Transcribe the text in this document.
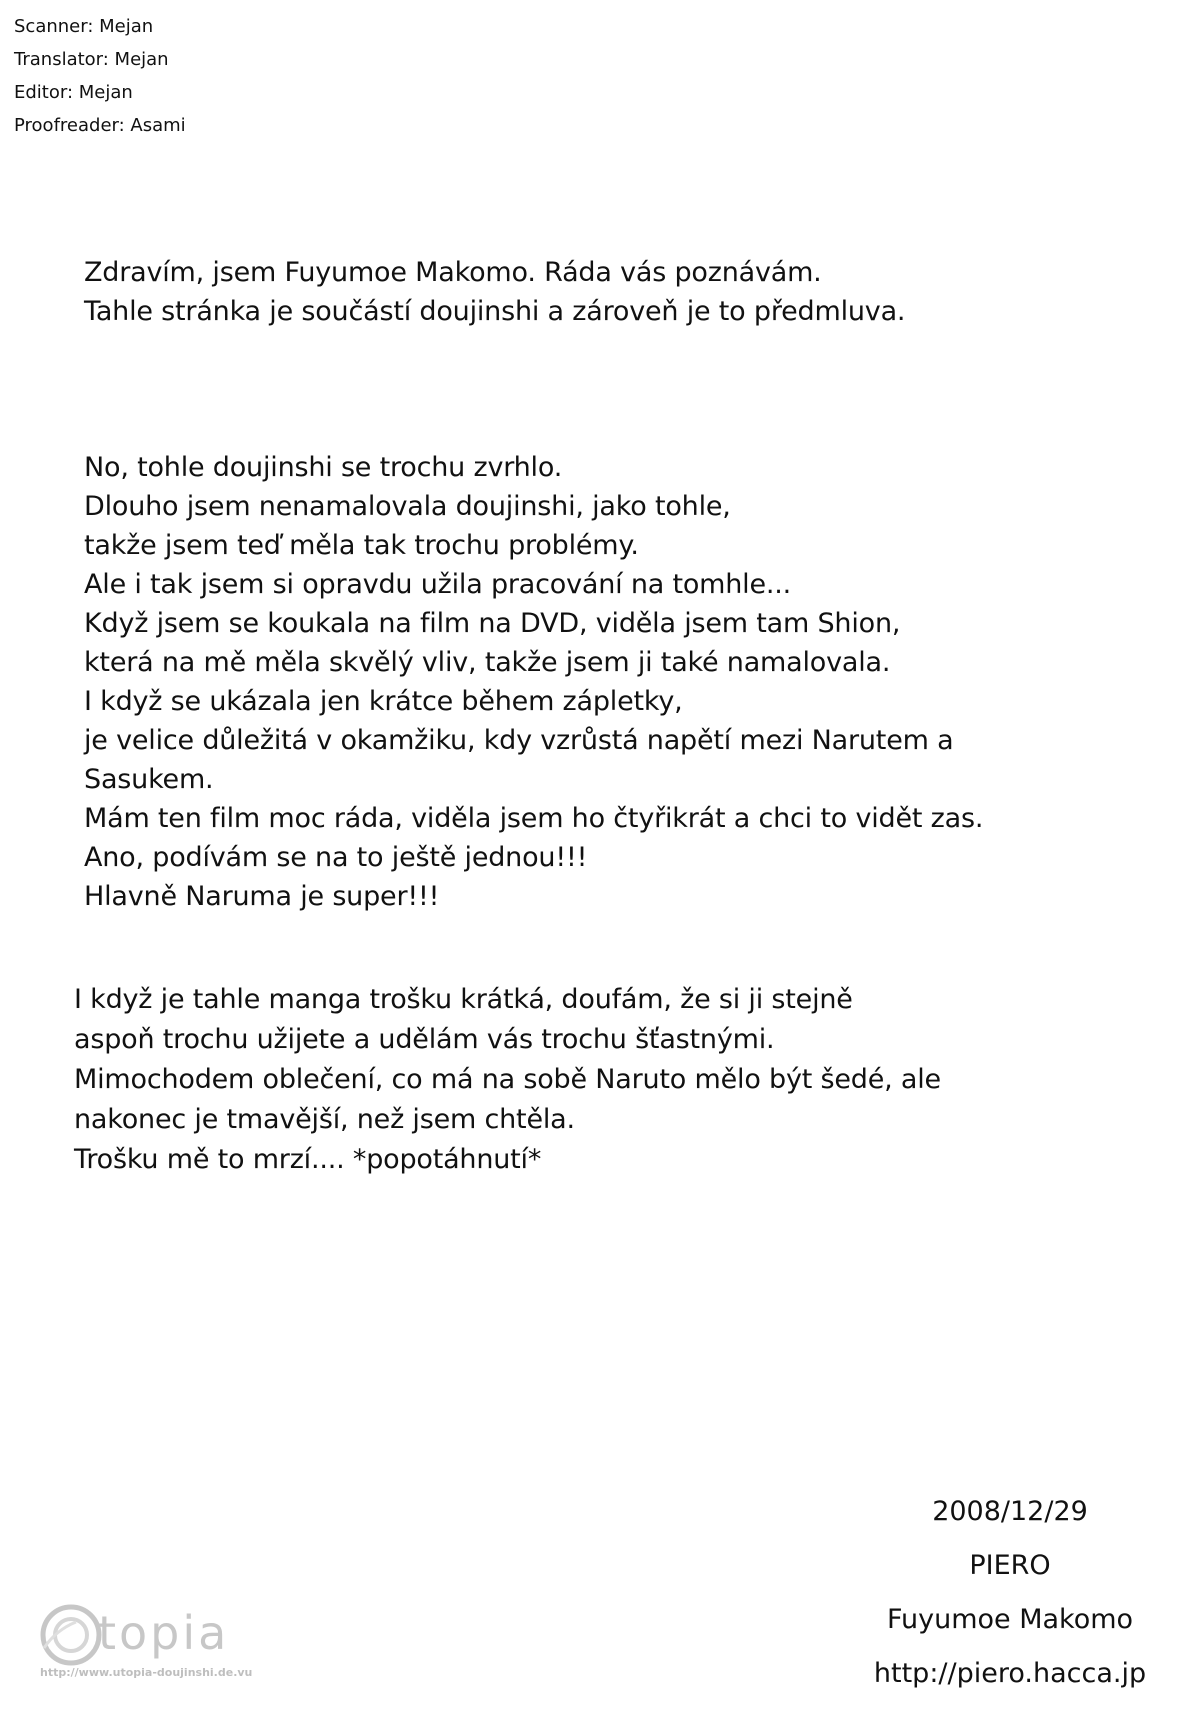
Scanner: Mejan
Translator: Mejan
Editor: Mejan
Proofreader: Asami
Zdravím, jsem Fuyumoe Makomo. Ráda vás poznávám.
Tahle stránka je součástí doujinshi a zároveň je to předmluva.
No, tohle doujinshi se trochu zvrhlo.
Dlouho jsem nenamalovala doujinshi, jako tohle,
takže jsem teď měla tak trochu problémy.
Ale i tak jsem si opravdu užila pracování na tomhle...
Když jsem se koukala na film na DVD, viděla jsem tam Shion,
která na mě měla skvělý vliv, takže jsem ji také namalovala.
I když se ukázala jen krátce během zápletky,
je velice důležitá v okamžiku, kdy vzrůstá napětí mezi Narutem a
Sasukem.
Mám ten film moc ráda, viděla jsem ho čtyřikrát a chci to vidět zas.
Ano, podívám se na to ještě jednou!!!
Hlavně Naruma je super!!!
I když je tahle manga trošku krátká, doufám, že si ji stejně
aspoň trochu užijete a udělám vás trochu šťastnými.
Mimochodem oblečení, co má na sobě Naruto mělo být šedé, ale
nakonec je tmavější, než jsem chtěla.
Trošku mě to mrzí.... *popotáhnutí*
2008/12/29
PIERO
Fuyumoe Makomo
http://piero.hacca.jp
topia
http://www.utopia-doujinshi.de.vu
